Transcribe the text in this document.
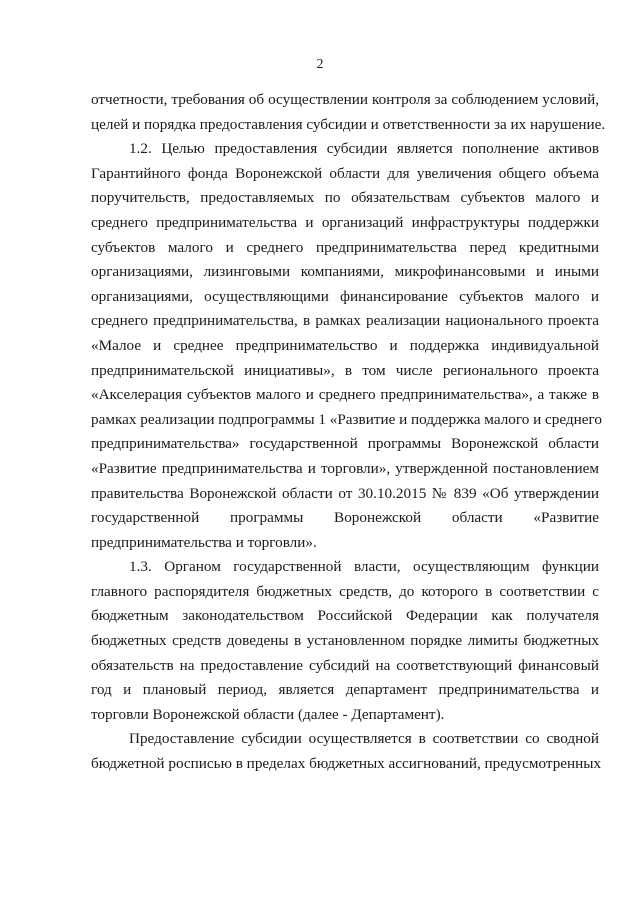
2

отчетности, требования об осуществлении контроля за соблюдением условий,
целей и порядка предоставления субсидии и ответственности за их нарушение.

1.2. Целью предоставления субсидии является пополнение активов
Гарантийного фонда Воронежской области для увеличения общего объема
поручительств, предоставляемых по обязательствам субъектов малого и
среднего предпринимательства и организаций инфраструктуры поддержки
субъектов малого и среднего предпринимательства перед кредитными
организациями, лизинговыми компаниями, микрофинансовыми и иными
организациями, осуществляющими финансирование субъектов малого и
среднего предпринимательства, в рамках реализации национального проекта
«Малое и среднее предпринимательство и поддержка индивидуальной
предпринимательской инициативы», в том числе регионального проекта
«Акселерация субъектов малого и среднего предпринимательства», а также в
рамках реализации подпрограммы 1 «Развитие и поддержка малого и среднего
предпринимательства» государственной программы Воронежской области
«Развитие предпринимательства и торговли», утвержденной постановлением
правительства Воронежской области от 30.10.2015 № 839 «Об утверждении
государственной программы Воронежской области «Развитие
предпринимательства и торговли».

1.3. Органом государственной власти, осуществляющим функции
главного распорядителя бюджетных средств, до которого в соответствии с
бюджетным законодательством Российской Федерации как получателя
бюджетных средств доведены в установленном порядке лимиты бюджетных
обязательств на предоставление субсидий на соответствующий финансовый
год и плановый период, является департамент предпринимательства и
торговли Воронежской области (далее - Департамент).

Предоставление субсидии осуществляется в соответствии со сводной
бюджетной росписью в пределах бюджетных ассигнований, предусмотренных
